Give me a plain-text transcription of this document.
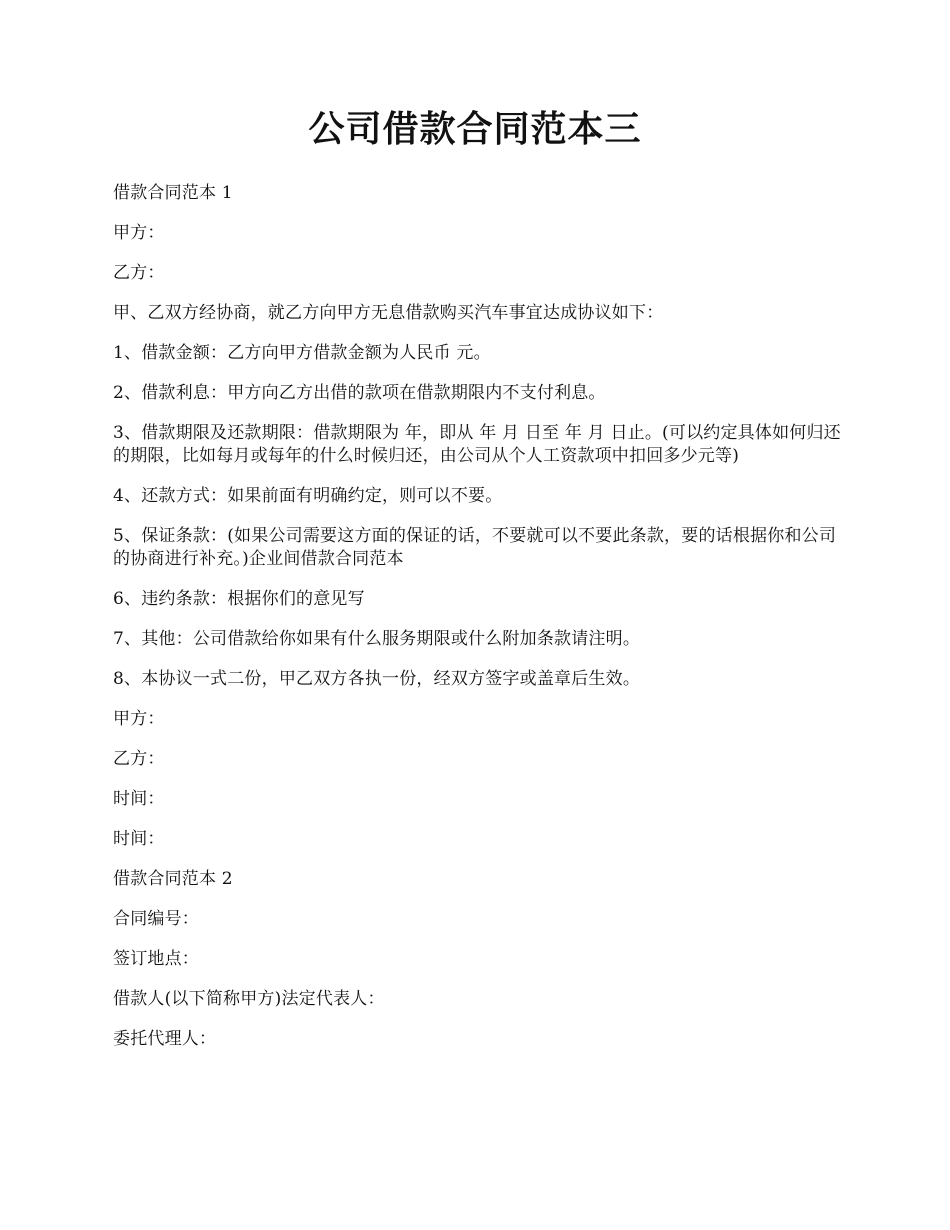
公司借款合同范本三

借款合同范本 1

甲方：

乙方：

甲、乙双方经协商，就乙方向甲方无息借款购买汽车事宜达成协议如下：

1、借款金额：乙方向甲方借款金额为人民币 元。

2、借款利息：甲方向乙方出借的款项在借款期限内不支付利息。

3、借款期限及还款期限：借款期限为 年，即从 年 月 日至 年 月 日止。(可以约定具体如何归还的期限，比如每月或每年的什么时候归还，由公司从个人工资款项中扣回多少元等)

4、还款方式：如果前面有明确约定，则可以不要。

5、保证条款：(如果公司需要这方面的保证的话，不要就可以不要此条款，要的话根据你和公司的协商进行补充。)企业间借款合同范本

6、违约条款：根据你们的意见写

7、其他：公司借款给你如果有什么服务期限或什么附加条款请注明。

8、本协议一式二份，甲乙双方各执一份，经双方签字或盖章后生效。

甲方：

乙方：

时间：

时间：

借款合同范本 2

合同编号：

签订地点：

借款人(以下简称甲方)法定代表人：

委托代理人：
